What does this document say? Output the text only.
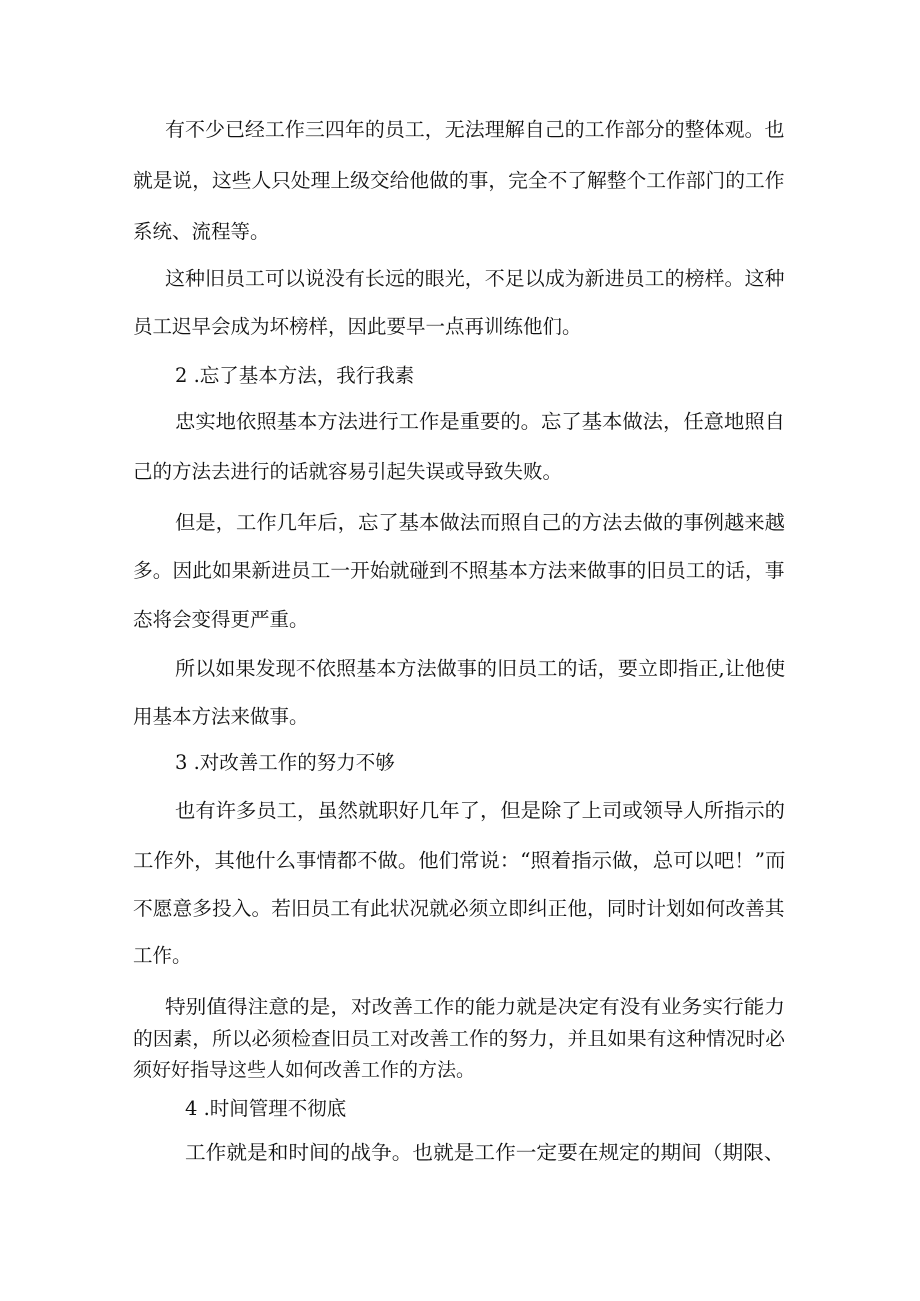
有不少已经工作三四年的员工，无法理解自己的工作部分的整体观。也
就是说，这些人只处理上级交给他做的事，完全不了解整个工作部门的工作
系统、流程等。
这种旧员工可以说没有长远的眼光，不足以成为新进员工的榜样。这种
员工迟早会成为坏榜样，因此要早一点再训练他们。
2 .忘了基本方法，我行我素
忠实地依照基本方法进行工作是重要的。忘了基本做法，任意地照自
己的方法去进行的话就容易引起失误或导致失败。
但是，工作几年后，忘了基本做法而照自己的方法去做的事例越来越
多。因此如果新进员工一开始就碰到不照基本方法来做事的旧员工的话，事
态将会变得更严重。
所以如果发现不依照基本方法做事的旧员工的话，要立即指正,让他使
用基本方法来做事。
3 .对改善工作的努力不够
也有许多员工，虽然就职好几年了，但是除了上司或领导人所指示的
工作外，其他什么事情都不做。他们常说：“照着指示做，总可以吧！”而
不愿意多投入。若旧员工有此状况就必须立即纠正他，同时计划如何改善其
工作。
特别值得注意的是，对改善工作的能力就是决定有没有业务实行能力
的因素，所以必须检查旧员工对改善工作的努力，并且如果有这种情况时必
须好好指导这些人如何改善工作的方法。
4 .时间管理不彻底
工作就是和时间的战争。也就是工作一定要在规定的期间（期限、
